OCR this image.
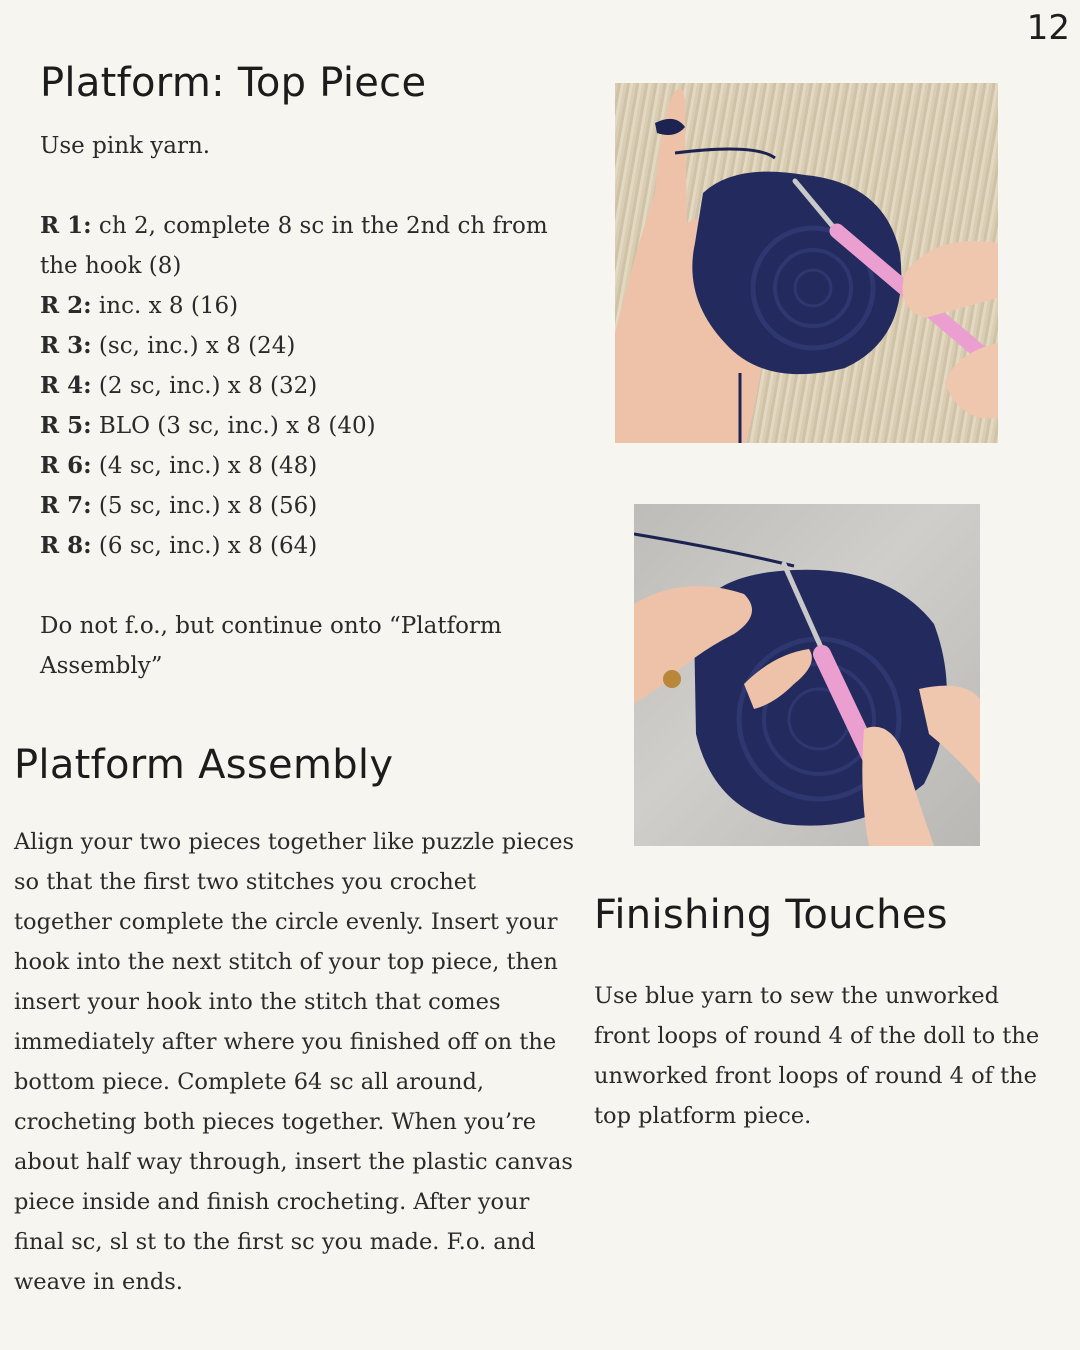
12
Platform: Top Piece

Use pink yarn.

R 1: ch 2, complete 8 sc in the 2nd ch from the hook (8)
R 2: inc. x 8 (16)
R 3: (sc, inc.) x 8 (24)
R 4: (2 sc, inc.) x 8 (32)
R 5: BLO (3 sc, inc.) x 8 (40)
R 6: (4 sc, inc.) x 8 (48)
R 7: (5 sc, inc.) x 8 (56)
R 8: (6 sc, inc.) x 8 (64)

Do not f.o., but continue onto “Platform Assembly”

Platform Assembly

Align your two pieces together like puzzle pieces so that the first two stitches you crochet together complete the circle evenly. Insert your hook into the next stitch of your top piece, then insert your hook into the stitch that comes immediately after where you finished off on the bottom piece. Complete 64 sc all around, crocheting both pieces together. When you’re about half way through, insert the plastic canvas piece inside and finish crocheting. After your final sc, sl st to the first sc you made. F.o. and weave in ends.

Finishing Touches

Use blue yarn to sew the unworked front loops of round 4 of the doll to the unworked front loops of round 4 of the top platform piece.
